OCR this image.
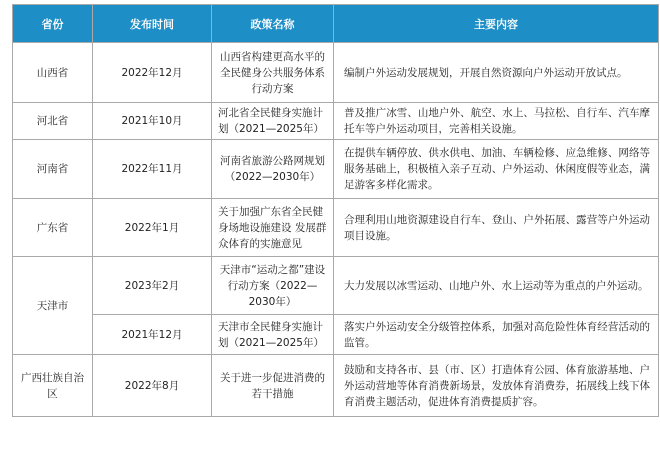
省份	发布时间	政策名称	主要内容
山西省	2022年12月	山西省构建更高水平的全民健身公共服务体系行动方案	编制户外运动发展规划，开展自然资源向户外运动开放试点。
河北省	2021年10月	河北省全民健身实施计划（2021—2025年）	普及推广冰雪、山地户外、航空、水上、马拉松、自行车、汽车摩托车等户外运动项目，完善相关设施。
河南省	2022年11月	河南省旅游公路网规划（2022—2030年）	在提供车辆停放、供水供电、加油、车辆检修、应急维修、网络等服务基础上，积极植入亲子互动、户外运动、休闲度假等业态，满足游客多样化需求。
广东省	2022年1月	关于加强广东省全民健身场地设施建设 发展群众体育的实施意见	合理利用山地资源建设自行车、登山、户外拓展、露营等户外运动项目设施。
天津市	2023年2月	天津市“运动之都”建设行动方案（2022—2030年）	大力发展以冰雪运动、山地户外、水上运动等为重点的户外运动。
	2021年12月	天津市全民健身实施计划（2021—2025年）	落实户外运动安全分级管控体系，加强对高危险性体育经营活动的监管。
广西壮族自治区	2022年8月	关于进一步促进消费的若干措施	鼓励和支持各市、县（市、区）打造体育公园、体育旅游基地、户外运动营地等体育消费新场景，发放体育消费券，拓展线上线下体育消费主题活动，促进体育消费提质扩容。
